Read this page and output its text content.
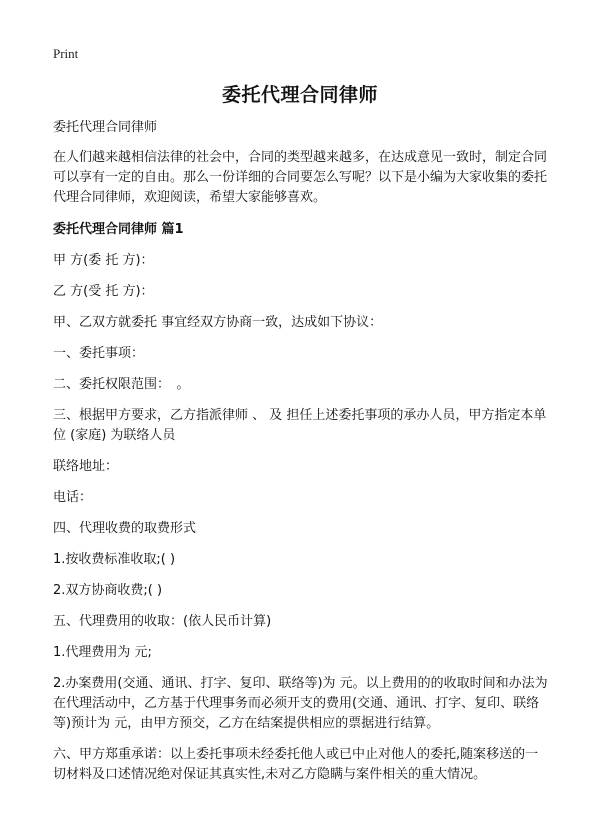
Print
委托代理合同律师

委托代理合同律师

在人们越来越相信法律的社会中，合同的类型越来越多，在达成意见一致时，制定合同可以享有一定的自由。那么一份详细的合同要怎么写呢？以下是小编为大家收集的委托代理合同律师，欢迎阅读，希望大家能够喜欢。

委托代理合同律师 篇1

甲 方(委 托 方)：

乙 方(受 托 方)：

甲、乙双方就委托 事宜经双方协商一致，达成如下协议：

一、委托事项：

二、委托权限范围：　。

三、根据甲方要求，乙方指派律师 、 及 担任上述委托事项的承办人员，甲方指定本单位 (家庭) 为联络人员

联络地址：

电话：

四、代理收费的取费形式

1.按收费标准收取;( )

2.双方协商收费;( )

五、代理费用的收取：(依人民币计算)

1.代理费用为 元;

2.办案费用(交通、通讯、打字、复印、联络等)为 元。以上费用的的收取时间和办法为 在代理活动中，乙方基于代理事务而必须开支的费用(交通、通讯、打字、复印、联络等)预计为 元，由甲方预交，乙方在结案提供相应的票据进行结算。

六、甲方郑重承诺：以上委托事项未经委托他人或已中止对他人的委托,随案移送的一切材料及口述情况绝对保证其真实性,未对乙方隐瞒与案件相关的重大情况。
